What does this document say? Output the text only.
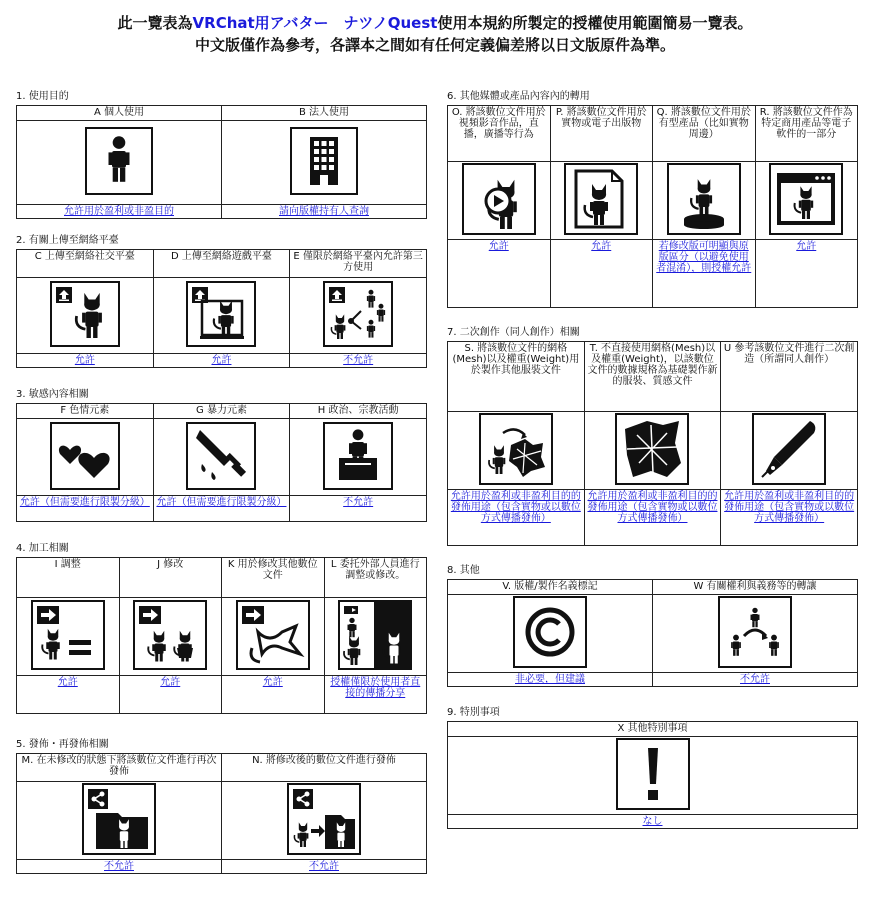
此一覽表為VRChat用アバター　ナツノQuest使用本規約所製定的授權使用範圍簡易一覽表。
中文版僅作為參考，各譯本之間如有任何定義偏差將以日文版原件為準。
1. 使用目的
A 個人使用	B 法人使用

允許用於盈利或非盈目的	請向版權持有人查詢
2. 有關上傳至網絡平臺
C 上傳至網絡社交平臺	D 上傳至網絡遊戲平臺	E 僅限於網絡平臺內允許第三方使用

允許	允許	不允許
3. 敏感內容相關
F 色情元素	G 暴力元素	H 政治、宗教活動

允許（但需要進行限製分級）	允許（但需要進行限製分級）	不允許
4. 加工相關
I 調整	J 修改	K 用於修改其他數位文件	L 委托外部人員進行調整或修改。

允許	允許	允許	授權僅限於使用者直接的傳播分享
5. 發佈・再發佈相關
M. 在未修改的狀態下將該數位文件進行再次發佈	N. 將修改後的數位文件進行發佈

不允許	不允許
6. 其他媒體或產品內容內的轉用
O. 將該數位文件用於視頻影音作品，直播，廣播等行為	P. 將該數位文件用於實物或電子出版物	Q. 將該數位文件用於有型產品（比如實物周邊）	R. 將該數位文件作為特定商用產品等電子軟件的一部分

允許	允許	若修改版可明顯與原版區分（以避免使用者混淆），則授權允許	允許
7. 二次創作（同人創作）相關
S. 將該數位文件的網格(Mesh)以及權重(Weight)用於製作其他服裝文件	T. 不直接使用網格(Mesh)以及權重(Weight)，以該數位文件的數據規格為基礎製作新的服裝、質感文件	U 參考該數位文件進行二次創造（所謂同人創作）

允許用於盈利或非盈利目的的發佈用途（包含實物或以數位方式傳播發佈）	允許用於盈利或非盈利目的的發佈用途（包含實物或以數位方式傳播發佈）	允許用於盈利或非盈利目的的發佈用途（包含實物或以數位方式傳播發佈）
8. 其他
V. 版權/製作名義標記	W 有關權利與義務等的轉讓

非必要，但建議	不允許
9. 特別事項
X 其他特別事項

なし
